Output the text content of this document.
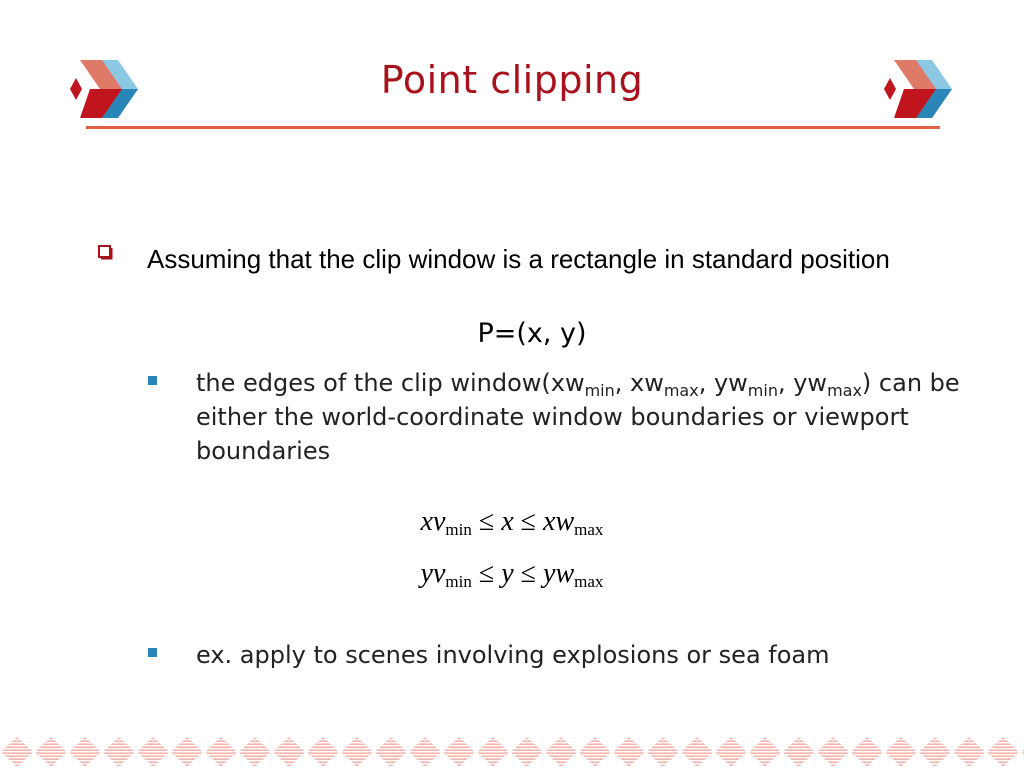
Point clipping
Assuming that the clip window is a rectangle in standard position
P=(x, y)
the edges of the clip $window(xw_{min}$, $xw_{max}$, $yw_{min}$, $yw_{max}$) can be either the world-coordinate window boundaries or viewport boundaries
$xv_{min} \le x \le xw_{max}$
$yv_{min} \le y \le yw_{max}$
ex. apply to scenes involving explosions or sea foam
